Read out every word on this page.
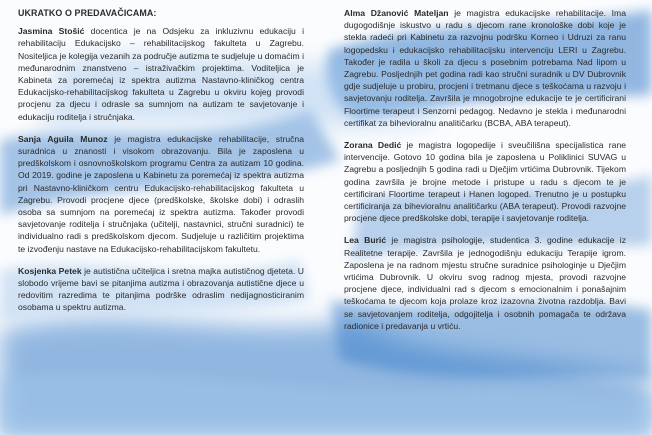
UKRATKO O PREDAVAČICAMA:

Jasmina Stošić docentica je na Odsjeku za inkluzivnu edukaciju i rehabilitaciju Edukacijsko – rehabilitacijskog fakulteta u Zagrebu. Nositeljica je kolegija vezanih za područje autizma te sudjeluje u domaćim i međunarodnim znanstveno – istraživačkim projektima. Voditeljica je Kabineta za poremećaj iz spektra autizma Nastavno-kliničkog centra Edukacijsko-rehabilitacijskog fakulteta u Zagrebu u okviru kojeg provodi procjenu za djecu i odrasle sa sumnjom na autizam te savjetovanje i edukaciju roditelja i stručnjaka.

Sanja Aguila Munoz je magistra edukacijske rehabilitacije, stručna suradnica u znanosti i visokom obrazovanju. Bila je zaposlena u predškolskom i osnovnoškolskom programu Centra za autizam 10 godina. Od 2019. godine je zaposlena u Kabinetu za poremećaj iz spektra autizma pri Nastavno-kliničkom centru Edukacijsko-rehabilitacijskog fakulteta u Zagrebu. Provodi procjene djece (predškolske, školske dobi) i odraslih osoba sa sumnjom na poremećaj iz spektra autizma. Također provodi savjetovanje roditelja i stručnjaka (učitelji, nastavnici, stručni suradnici) te individualno radi s predškolskom djecom. Sudjeluje u različitim projektima te izvođenju nastave na Edukacijsko-rehabilitacijskom fakultetu.

Kosjenka Petek je autistična učiteljica i sretna majka autističnog djeteta. U slobodo vrijeme bavi se pitanjima autizma i obrazovanja autistične djece u redovitim razredima te pitanjima podrške odraslim nedijagnosticiranim osobama u spektru autizma.

Alma Džanović Mateljan je magistra edukacijske rehabilitacije. Ima dugogodišnje iskustvo u radu s djecom rane kronološke dobi koje je stekla radeći pri Kabinetu za razvojnu podršku Korneo i Udruzi za ranu logopedsku i edukacijsko rehabilitacijsku intervenciju LERI u Zagrebu. Također je radila u školi za djecu s posebnim potrebama Nad lipom u Zagrebu. Posljednjih pet godina radi kao stručni suradnik u DV Dubrovnik gdje sudjeluje u probiru, procjeni i tretmanu djece s teškoćama u razvoju i savjetovanju roditelja. Završila je mnogobrojne edukacije te je certificirani Floortime terapeut i Senzorni pedagog. Nedavno je stekla i međunarodni certifikat za bihevioralnu analitičarku (BCBA, ABA terapeut).

Zorana Dedić je magistra logopedije i sveučilišna specijalistica rane intervencije. Gotovo 10 godina bila je zaposlena u Poliklinici SUVAG u Zagrebu a posljednjih 5 godina radi u Dječjim vrtićima Dubrovnik. Tijekom godina završila je brojne metode i pristupe u radu s djecom te je certificirani Floortime terapeut i Hanen logoped. Trenutno je u postupku certificiranja za bihevioralnu analitičarku (ABA terapeut). Provodi razvojne procjene djece predškolske dobi, terapije i savjetovanje roditelja.

Lea Burić je magistra psihologije, studentica 3. godine edukacije iz Realitetne terapije. Završila je jednogodišnju edukaciju Terapije igrom. Zaposlena je na radnom mjestu stručne suradnice psihologinje u Dječjim vrtićima Dubrovnik. U okviru svog radnog mjesta, provodi razvojne procjene djece, individualni rad s djecom s emocionalnim i ponašajnim teškoćama te djecom koja prolaze kroz izazovna životna razdoblja. Bavi se savjetovanjem roditelja, odgojitelja i osobnih pomagača te održava radionice i predavanja u vrtiću.
